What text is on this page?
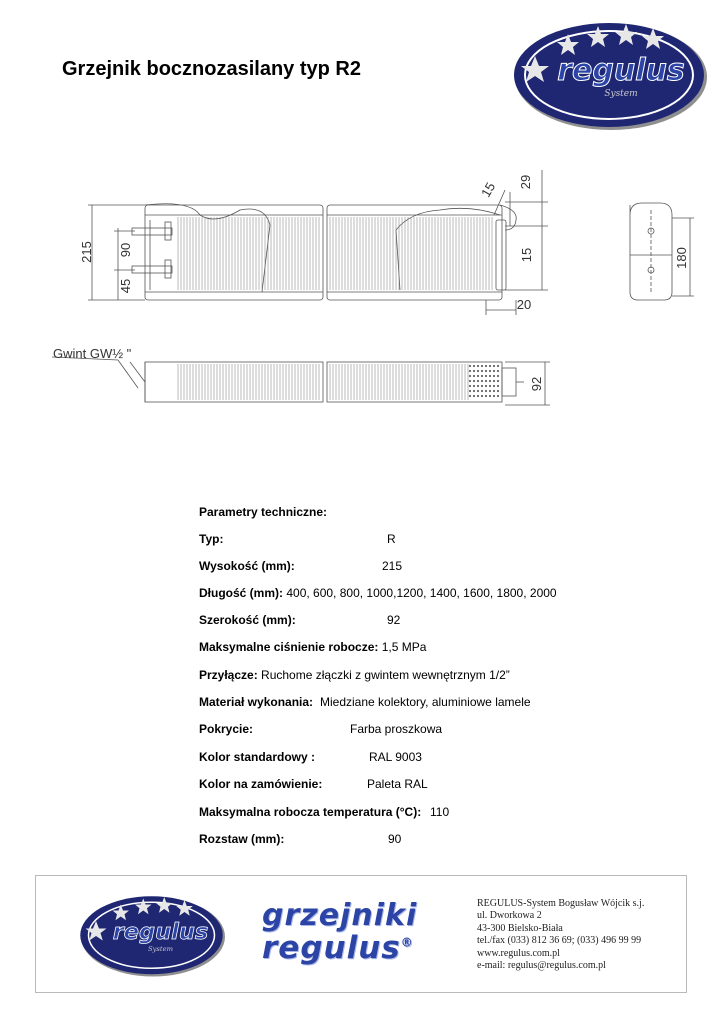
Grzejnik bocznozasilany typ R2	regulus
System
215 90
45
29
15
15
20
180
92
Gwint GW½ "
Parametry techniczne:
Typ:	R
Wysokość (mm):	215
Długość (mm): 400, 600, 800, 1000,1200, 1400, 1600, 1800, 2000
Szerokość (mm):	92
Maksymalne ciśnienie robocze: 1,5 MPa
Przyłącze: Ruchome złączki z gwintem wewnętrznym 1/2”
Materiał wykonania: Miedziane kolektory, aluminiowe lamele
Pokrycie:	Farba proszkowa
Kolor standardowy :	RAL 9003
Kolor na zamówienie:	Paleta RAL
Maksymalna robocza temperatura (°C): 110
Rozstaw (mm):	90
regulus
System
grzejniki
regulus®
REGULUS-System Bogusław Wójcik s.j.
ul. Dworkowa 2
43-300 Bielsko-Biała
tel./fax (033) 812 36 69; (033) 496 99 99
www.regulus.com.pl
e-mail: regulus@regulus.com.pl
